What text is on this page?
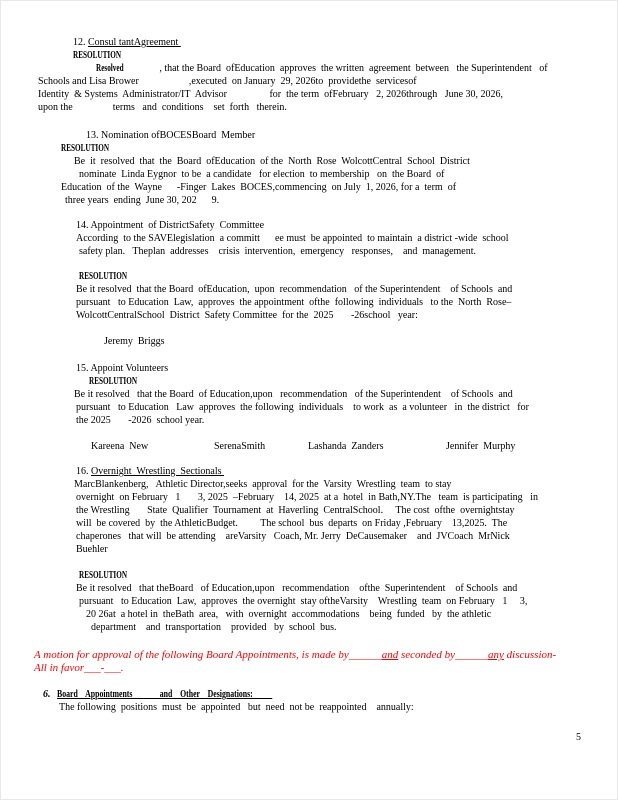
12. Consul tantAgreement
RESOLUTION
Resolved          , that the Board  ofEducation  approves  the written  agreement  between   the Superintendent   of
Schools and Lisa Brower                    ,executed  on January  29, 2026to  providethe  servicesof
Identity  & Systems  Administrator/IT  Advisor                 for  the term  ofFebruary   2, 2026through   June 30, 2026,
upon the                terms   and  conditions    set  forth   therein.
13. Nomination ofBOCESBoard  Member
RESOLUTION
Be  it  resolved  that  the  Board  ofEducation  of the  North  Rose  WolcottCentral  School  District
nominate  Linda Eygnor  to be  a candidate   for election  to membership   on  the Board  of
Education  of the  Wayne      -Finger  Lakes  BOCES,commencing  on July  1, 2026, for a  term  of
three years  ending  June 30, 202      9.
14. Appointment  of DistrictSafety  Committee
According  to the SAVElegislation  a committ      ee must  be appointed  to maintain  a district -wide  school
safety plan.   Theplan  addresses    crisis  intervention,  emergency   responses,    and  management.
RESOLUTION
Be it resolved  that the Board  ofEducation,  upon  recommendation   of the Superintendent    of Schools  and
pursuant   to Education  Law,  approves  the appointment  ofthe  following  individuals   to the  North  Rose–
WolcottCentralSchool  District  Safety Committee  for the  2025       -26school   year:
Jeremy  Briggs
15. Appoint Volunteers
RESOLUTION
Be it resolved   that the Board  of Education,upon   recommendation   of the Superintendent    of Schools  and
pursuant   to Education   Law  approves  the following  individuals    to work  as  a volunteer   in  the district   for
the 2025       -2026  school year.

Kareena  New

	SerenaSmith

	Lashanda  Zanders

	Jennifer  Murphy

16. Overnight  Wrestling  Sectionals
MarcBlankenberg,   Athletic Director,seeks  approval  for the  Varsity  Wrestling  team  to stay
overnight  on February   1       3, 2025  –February    14, 2025  at a  hotel  in Bath,NY.The   team  is participating   in
the Wrestling       State  Qualifier  Tournament  at  Haverling  CentralSchool.     The cost  ofthe  overnightstay
will  be covered  by  the AthleticBudget.         The school  bus  departs  on Friday ,February    13,2025.  The
chaperones   that will  be attending    areVarsity   Coach, Mr. Jerry  DeCausemaker    and  JVCoach  MrNick
Buehler
RESOLUTION
Be it resolved   that theBoard   of Education,upon   recommendation    ofthe  Superintendent    of Schools  and
pursuant   to Education  Law,  approves  the overnight  stay oftheVarsity    Wrestling  team  on February   1     3,
20 26at  a hotel in  theBath  area,   with  overnight  accommodations    being  funded   by  the athletic
department    and  transportation    provided   by  school  bus.
A motion for approval of the following Board Appointments, is made by______and seconded by______any discussion-
All in favor___-___.
6. Board    Appointments              and    Other    Designations:
The following  positions  must  be  appointed   but  need  not be  reappointed    annually:
5
